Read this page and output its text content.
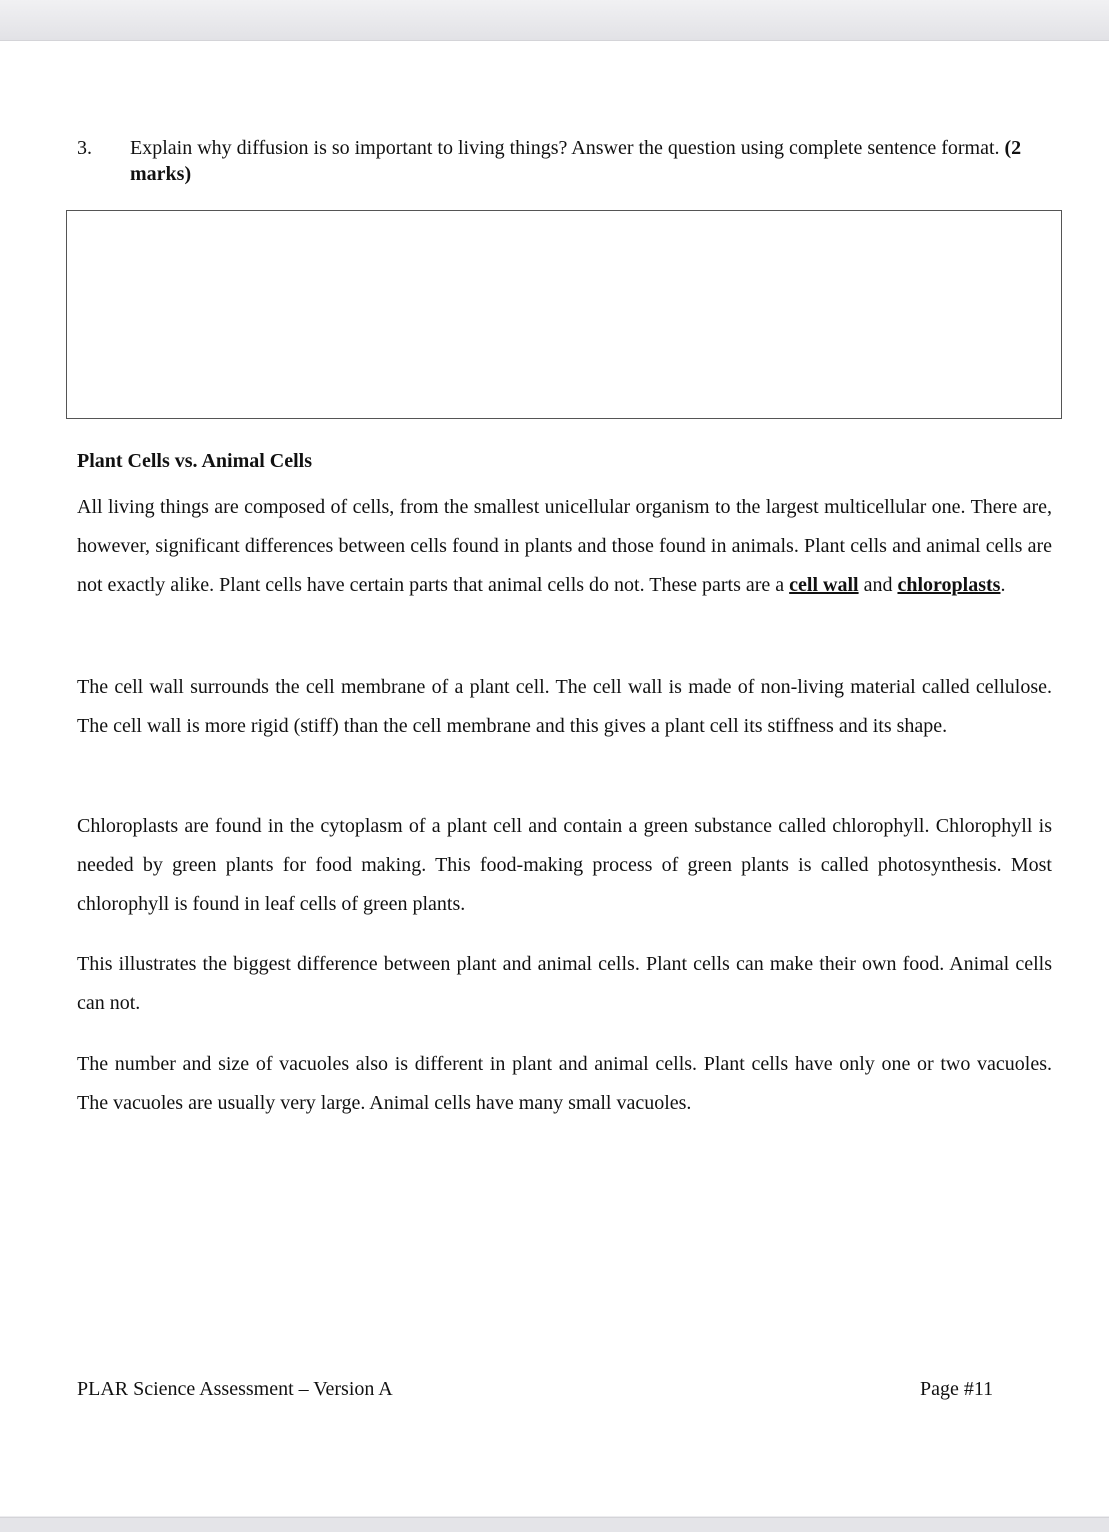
3. Explain why diffusion is so important to living things? Answer the question using complete sentence format. (2 marks)
Plant Cells vs. Animal Cells
All living things are composed of cells, from the smallest unicellular organism to the largest multicellular one. There are, however, significant differences between cells found in plants and those found in animals. Plant cells and animal cells are not exactly alike. Plant cells have certain parts that animal cells do not. These parts are a cell wall and chloroplasts.
The cell wall surrounds the cell membrane of a plant cell. The cell wall is made of non-living material called cellulose. The cell wall is more rigid (stiff) than the cell membrane and this gives a plant cell its stiffness and its shape.
Chloroplasts are found in the cytoplasm of a plant cell and contain a green substance called chlorophyll. Chlorophyll is needed by green plants for food making. This food-making process of green plants is called photosynthesis. Most chlorophyll is found in leaf cells of green plants.
This illustrates the biggest difference between plant and animal cells. Plant cells can make their own food. Animal cells can not.
The number and size of vacuoles also is different in plant and animal cells. Plant cells have only one or two vacuoles. The vacuoles are usually very large. Animal cells have many small vacuoles.
PLAR Science Assessment – Version A	Page #11
